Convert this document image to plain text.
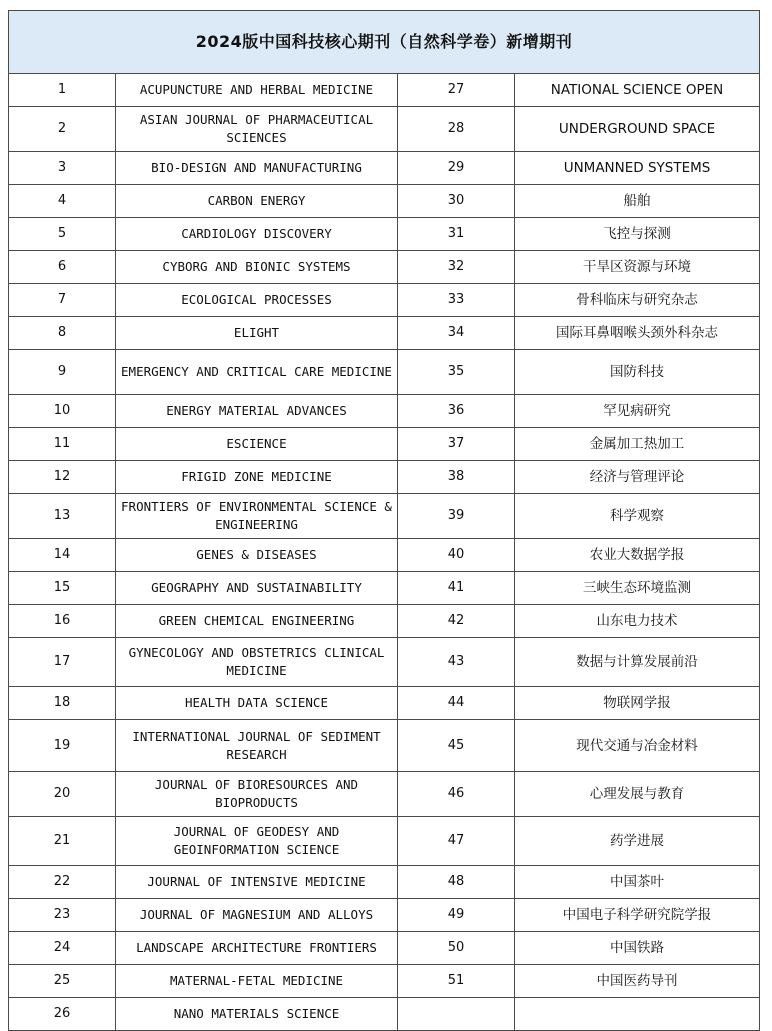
2024版中国科技核心期刊（自然科学卷）新增期刊			
1	ACUPUNCTURE AND HERBAL MEDICINE	27	NATIONAL SCIENCE OPEN
2	ASIAN JOURNAL OF PHARMACEUTICAL SCIENCES	28	UNDERGROUND SPACE
3	BIO-DESIGN AND MANUFACTURING	29	UNMANNED SYSTEMS
4	CARBON ENERGY	30	船舶
5	CARDIOLOGY DISCOVERY	31	飞控与探测
6	CYBORG AND BIONIC SYSTEMS	32	干旱区资源与环境
7	ECOLOGICAL PROCESSES	33	骨科临床与研究杂志
8	ELIGHT	34	国际耳鼻咽喉头颈外科杂志
9	EMERGENCY AND CRITICAL CARE MEDICINE	35	国防科技
10	ENERGY MATERIAL ADVANCES	36	罕见病研究
11	ESCIENCE	37	金属加工热加工
12	FRIGID ZONE MEDICINE	38	经济与管理评论
13	FRONTIERS OF ENVIRONMENTAL SCIENCE & ENGINEERING	39	科学观察
14	GENES & DISEASES	40	农业大数据学报
15	GEOGRAPHY AND SUSTAINABILITY	41	三峡生态环境监测
16	GREEN CHEMICAL ENGINEERING	42	山东电力技术
17	GYNECOLOGY AND OBSTETRICS CLINICAL MEDICINE	43	数据与计算发展前沿
18	HEALTH DATA SCIENCE	44	物联网学报
19	INTERNATIONAL JOURNAL OF SEDIMENT RESEARCH	45	现代交通与冶金材料
20	JOURNAL OF BIORESOURCES AND BIOPRODUCTS	46	心理发展与教育
21	JOURNAL OF GEODESY AND GEOINFORMATION SCIENCE	47	药学进展
22	JOURNAL OF INTENSIVE MEDICINE	48	中国茶叶
23	JOURNAL OF MAGNESIUM AND ALLOYS	49	中国电子科学研究院学报
24	LANDSCAPE ARCHITECTURE FRONTIERS	50	中国铁路
25	MATERNAL-FETAL MEDICINE	51	中国医药导刊
26	NANO MATERIALS SCIENCE		
